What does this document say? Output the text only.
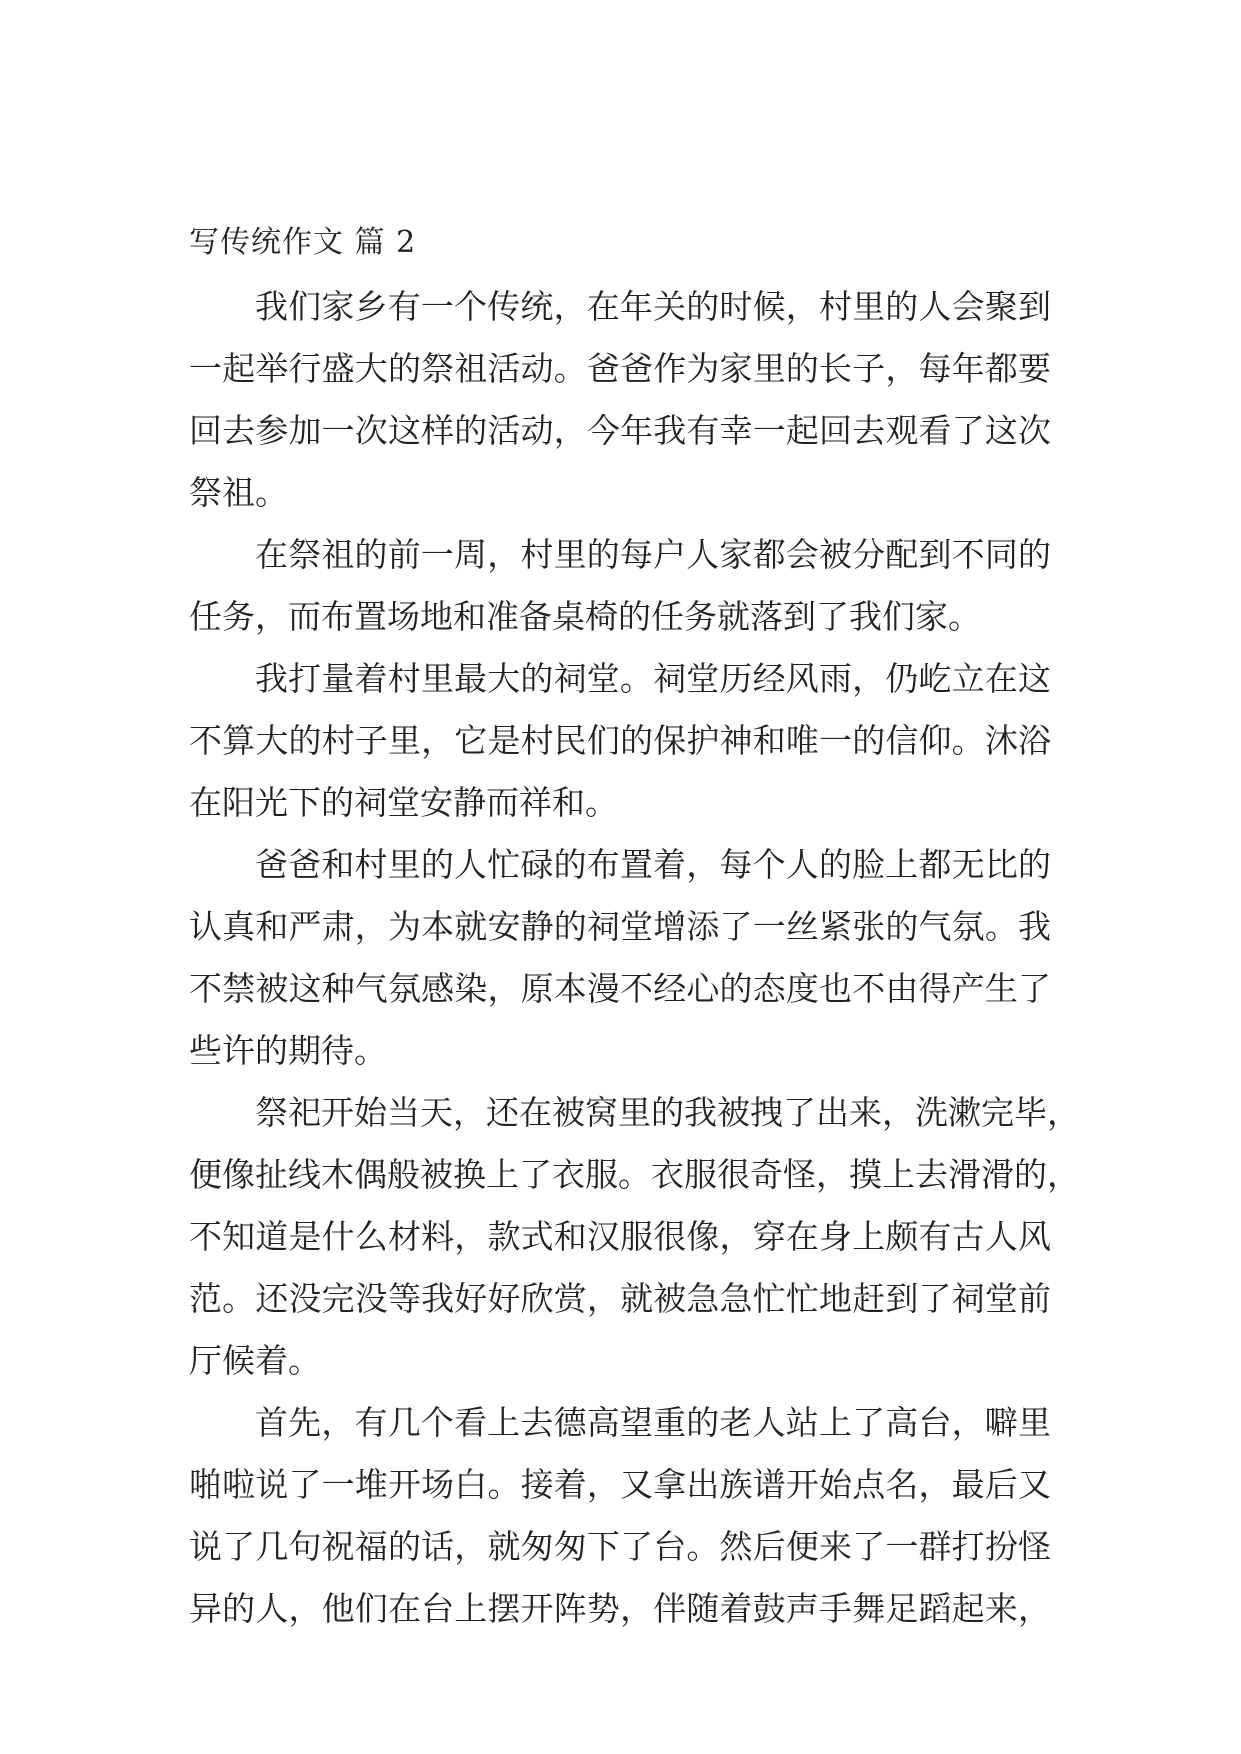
写传统作文 篇 2
我们家乡有一个传统，在年关的时候，村里的人会聚到
一起举行盛大的祭祖活动。爸爸作为家里的长子，每年都要
回去参加一次这样的活动，今年我有幸一起回去观看了这次
祭祖。
在祭祖的前一周，村里的每户人家都会被分配到不同的
任务，而布置场地和准备桌椅的任务就落到了我们家。
我打量着村里最大的祠堂。祠堂历经风雨，仍屹立在这
不算大的村子里，它是村民们的保护神和唯一的信仰。沐浴
在阳光下的祠堂安静而祥和。
爸爸和村里的人忙碌的布置着，每个人的脸上都无比的
认真和严肃，为本就安静的祠堂增添了一丝紧张的气氛。我
不禁被这种气氛感染，原本漫不经心的态度也不由得产生了
些许的期待。
祭祀开始当天，还在被窝里的我被拽了出来，洗漱完毕，
便像扯线木偶般被换上了衣服。衣服很奇怪，摸上去滑滑的，
不知道是什么材料，款式和汉服很像，穿在身上颇有古人风
范。还没完没等我好好欣赏，就被急急忙忙地赶到了祠堂前
厅候着。
首先，有几个看上去德高望重的老人站上了高台，噼里
啪啦说了一堆开场白。接着，又拿出族谱开始点名，最后又
说了几句祝福的话，就匆匆下了台。然后便来了一群打扮怪
异的人，他们在台上摆开阵势，伴随着鼓声手舞足蹈起来，
